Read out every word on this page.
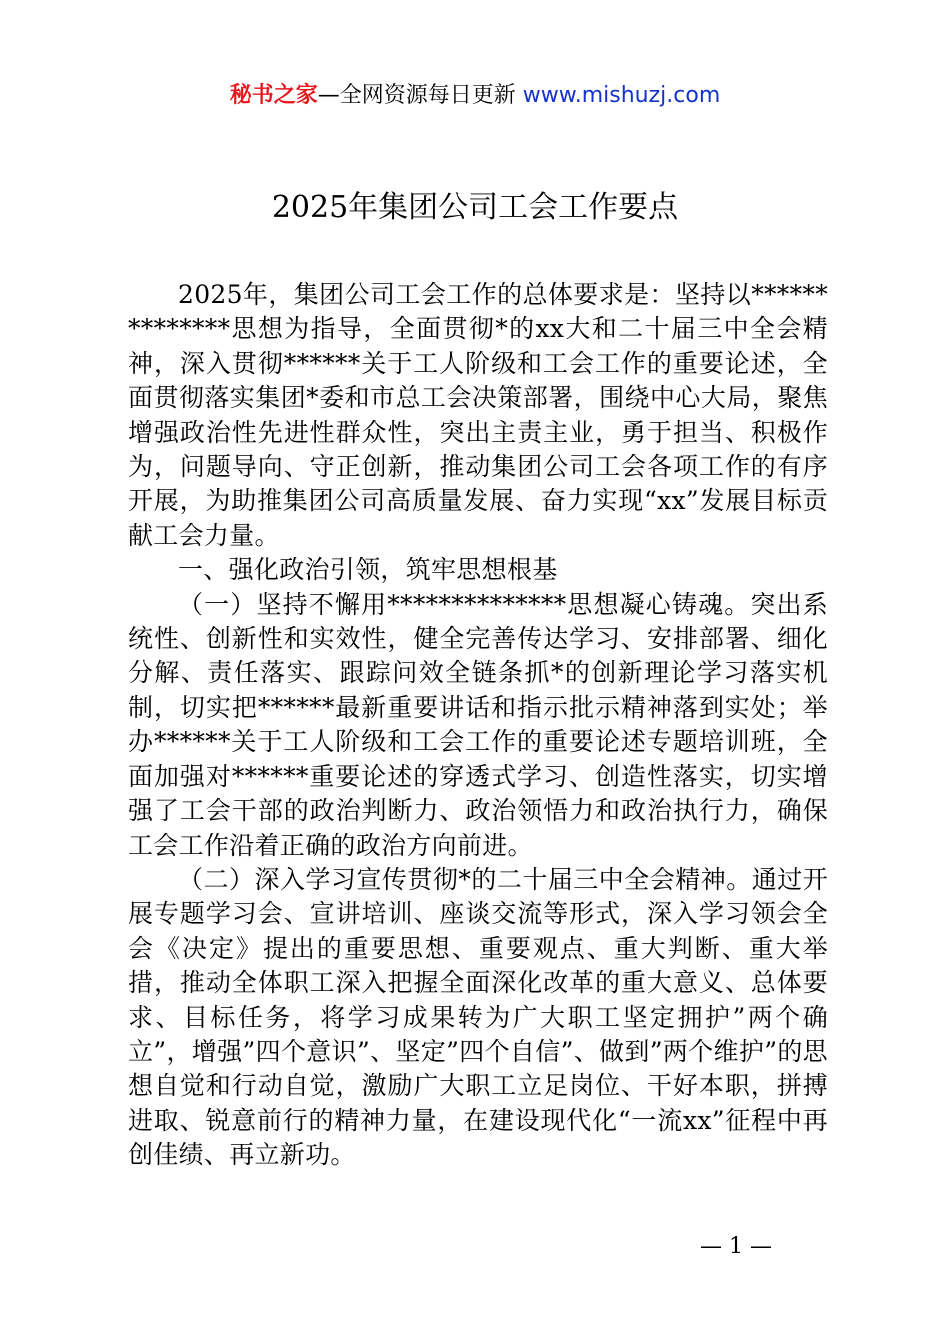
秘书之家—全网资源每日更新 www.mishuzj.com
2025年集团公司工会工作要点

2025年，集团公司工会工作的总体要求是：坚持以**************思想为指导，全面贯彻*的xx大和二十届三中全会精神，深入贯彻******关于工人阶级和工会工作的重要论述，全面贯彻落实集团*委和市总工会决策部署，围绕中心大局，聚焦增强政治性先进性群众性，突出主责主业，勇于担当、积极作为，问题导向、守正创新，推动集团公司工会各项工作的有序开展，为助推集团公司高质量发展、奋力实现“xx”发展目标贡献工会力量。

一、强化政治引领，筑牢思想根基

（一）坚持不懈用**************思想凝心铸魂。突出系统性、创新性和实效性，健全完善传达学习、安排部署、细化分解、责任落实、跟踪问效全链条抓*的创新理论学习落实机制，切实把******最新重要讲话和指示批示精神落到实处；举办******关于工人阶级和工会工作的重要论述专题培训班，全面加强对******重要论述的穿透式学习、创造性落实，切实增强了工会干部的政治判断力、政治领悟力和政治执行力，确保工会工作沿着正确的政治方向前进。

（二）深入学习宣传贯彻*的二十届三中全会精神。通过开展专题学习会、宣讲培训、座谈交流等形式，深入学习领会全会《决定》提出的重要思想、重要观点、重大判断、重大举措，推动全体职工深入把握全面深化改革的重大意义、总体要求、目标任务，将学习成果转为广大职工坚定拥护”两个确立”，增强”四个意识”、坚定”四个自信”、做到”两个维护”的思想自觉和行动自觉，激励广大职工立足岗位、干好本职，拼搏进取、锐意前行的精神力量，在建设现代化“一流xx”征程中再创佳绩、再立新功。

— 1 —
